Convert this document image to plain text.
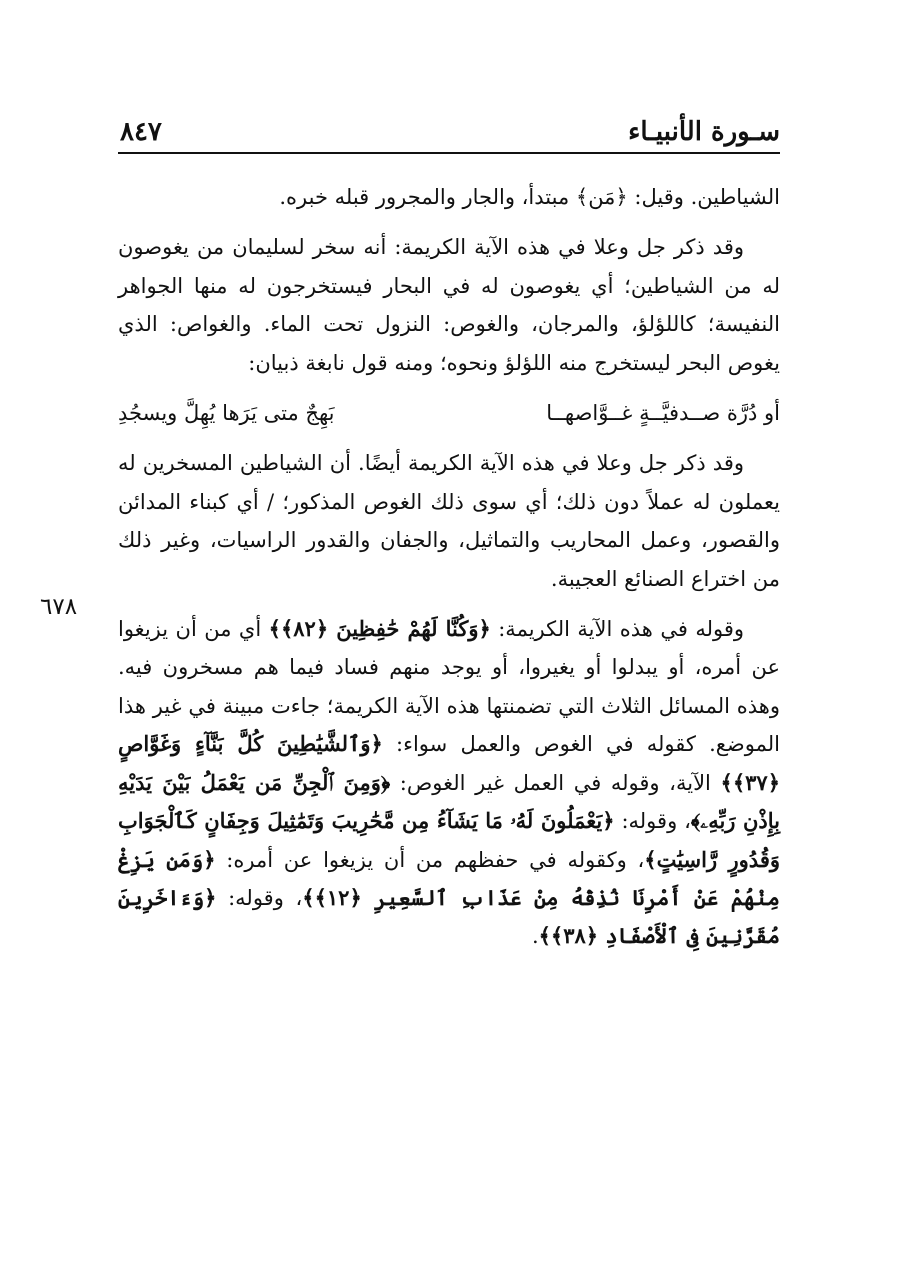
سـورة الأنبيـاء
٨٤٧
٦٧٨

الشياطين. وقيل: ﴿مَن﴾ مبتدأ، والجار والمجرور قبله خبره.

وقد ذكر جل وعلا في هذه الآية الكريمة: أنه سخر لسليمان من يغوصون له من الشياطين؛ أي يغوصون له في البحار فيستخرجون له منها الجواهر النفيسة؛ كاللؤلؤ، والمرجان، والغوص: النزول تحت الماء. والغواص: الذي يغوص البحر ليستخرج منه اللؤلؤ ونحوه؛ ومنه قول نابغة ذبيان:

أو دُرَّة صــدفيَّــةٍ غــوَّاصهــا
بَهِجٌ متى يَرَها يُهِلَّ ويسجُدِ

وقد ذكر جل وعلا في هذه الآية الكريمة أيضًا. أن الشياطين المسخرين له يعملون له عملاً دون ذلك؛ أي سوى ذلك الغوص المذكور؛ / أي كبناء المدائن والقصور، وعمل المحاريب والتماثيل، والجفان والقدور الراسيات، وغير ذلك من اختراع الصنائع العجيبة.

وقوله في هذه الآية الكريمة: ﴿وَكُنَّا لَهُمْ حَٰفِظِينَ ﴿٨٢﴾﴾ أي من أن يزيغوا عن أمره، أو يبدلوا أو يغيروا، أو يوجد منهم فساد فيما هم مسخرون فيه. وهذه المسائل الثلاث التي تضمنتها هذه الآية الكريمة؛ جاءت مبينة في غير هذا الموضع. كقوله في الغوص والعمل سواء: ﴿وَٱلشَّيَٰطِينَ كُلَّ بَنَّآءٍ وَغَوَّاصٍ ﴿٣٧﴾﴾ الآية، وقوله في العمل غير الغوص: ﴿وَمِنَ ٱلْجِنِّ مَن يَعْمَلُ بَيْنَ يَدَيْهِ بِإِذْنِ رَبِّهِۦ﴾، وقوله: ﴿يَعْمَلُونَ لَهُۥ مَا يَشَآءُ مِن مَّحَٰرِيبَ وَتَمَٰثِيلَ وَجِفَانٍ كَٱلْجَوَابِ وَقُدُورٍ رَّاسِيَٰتٍ﴾، وكقوله في حفظهم من أن يزيغوا عن أمره: ﴿وَمَن يَزِغْ مِنْهُمْ عَنْ أَمْرِنَا نُذِقْهُ مِنْ عَذَابِ ٱلسَّعِيرِ ﴿١٢﴾﴾، وقوله: ﴿وَءَاخَرِينَ مُقَرَّنِينَ فِى ٱلْأَصْفَادِ ﴿٣٨﴾﴾.
